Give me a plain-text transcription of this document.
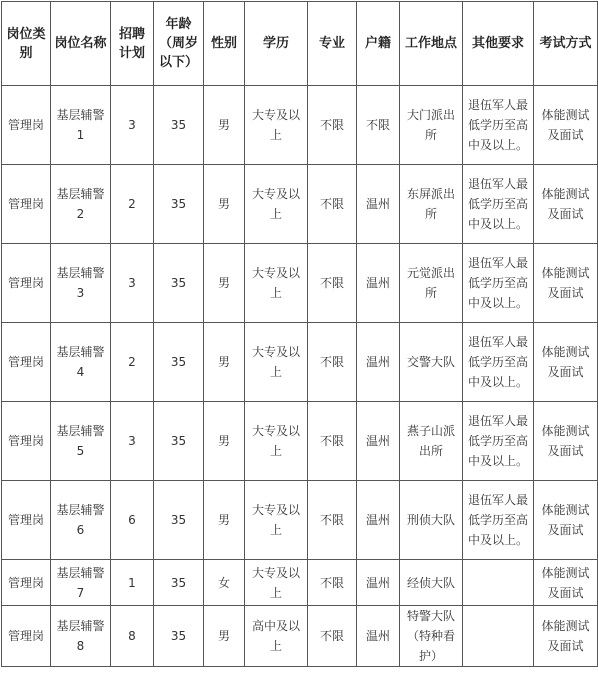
岗位类别	岗位名称	招聘计划	年龄（周岁以下）	性别	学历	专业	户籍	工作地点	其他要求	考试方式
管理岗	基层辅警1	3	35	男	大专及以上	不限	不限	大门派出所	退伍军人最低学历至高中及以上。	体能测试及面试
管理岗	基层辅警2	2	35	男	大专及以上	不限	温州	东屏派出所	退伍军人最低学历至高中及以上。	体能测试及面试
管理岗	基层辅警3	3	35	男	大专及以上	不限	温州	元觉派出所	退伍军人最低学历至高中及以上。	体能测试及面试
管理岗	基层辅警4	2	35	男	大专及以上	不限	温州	交警大队	退伍军人最低学历至高中及以上。	体能测试及面试
管理岗	基层辅警5	3	35	男	大专及以上	不限	温州	燕子山派出所	退伍军人最低学历至高中及以上。	体能测试及面试
管理岗	基层辅警6	6	35	男	大专及以上	不限	温州	刑侦大队	退伍军人最低学历至高中及以上。	体能测试及面试
管理岗	基层辅警7	1	35	女	大专及以上	不限	温州	经侦大队		体能测试及面试
管理岗	基层辅警8	8	35	男	高中及以上	不限	温州	特警大队（特种看护）		体能测试及面试
